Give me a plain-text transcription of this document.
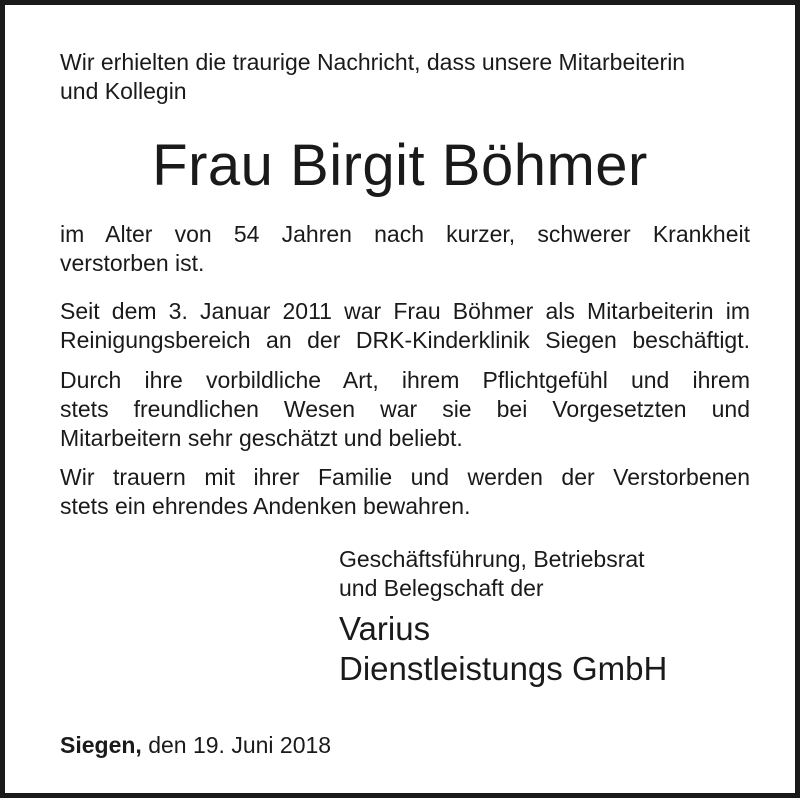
Wir erhielten die traurige Nachricht, dass unsere Mitarbeiterin
und Kollegin

Frau Birgit Böhmer

im Alter von 54 Jahren nach kurzer, schwerer Krankheit
verstorben ist.

Seit dem 3. Januar 2011 war Frau Böhmer als Mitarbeiterin im
Reinigungsbereich an der DRK-Kinderklinik Siegen beschäftigt.

Durch ihre vorbildliche Art, ihrem Pflichtgefühl und ihrem
stets freundlichen Wesen war sie bei Vorgesetzten und
Mitarbeitern sehr geschätzt und beliebt.

Wir trauern mit ihrer Familie und werden der Verstorbenen
stets ein ehrendes Andenken bewahren.

Geschäftsführung, Betriebsrat
und Belegschaft der

Varius
Dienstleistungs GmbH

Siegen, den 19. Juni 2018
